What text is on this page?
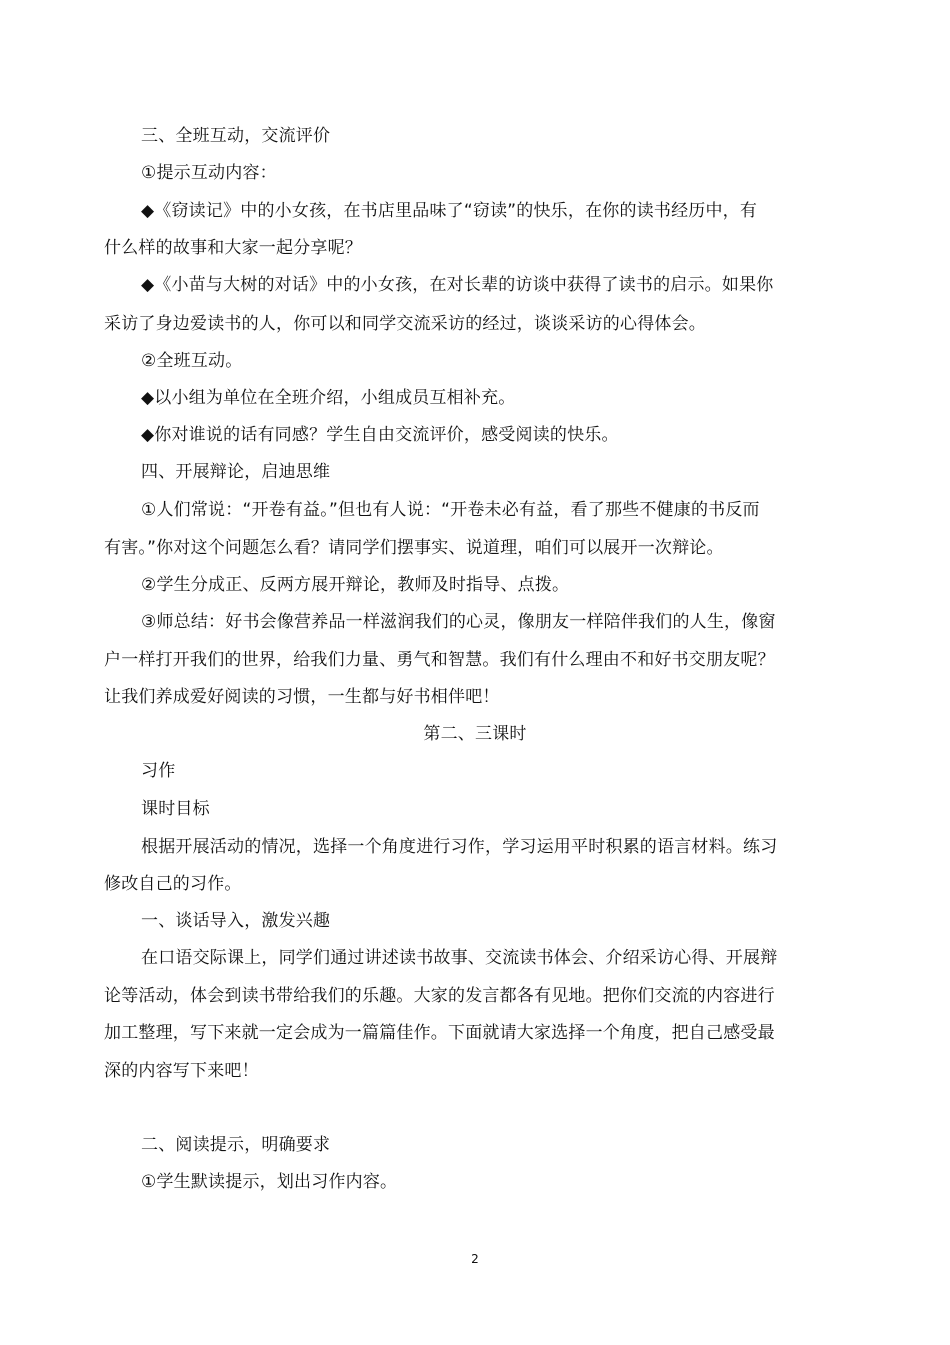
三、全班互动，交流评价
①提示互动内容：
◆《窃读记》中的小女孩，在书店里品味了“窃读”的快乐，在你的读书经历中，有
什么样的故事和大家一起分享呢？
◆《小苗与大树的对话》中的小女孩，在对长辈的访谈中获得了读书的启示。如果你
采访了身边爱读书的人，你可以和同学交流采访的经过，谈谈采访的心得体会。
②全班互动。
◆以小组为单位在全班介绍，小组成员互相补充。
◆你对谁说的话有同感？学生自由交流评价，感受阅读的快乐。
四、开展辩论，启迪思维
①人们常说：“开卷有益。”但也有人说：“开卷未必有益，看了那些不健康的书反而
有害。”你对这个问题怎么看？请同学们摆事实、说道理，咱们可以展开一次辩论。
②学生分成正、反两方展开辩论，教师及时指导、点拨。
③师总结：好书会像营养品一样滋润我们的心灵，像朋友一样陪伴我们的人生，像窗
户一样打开我们的世界，给我们力量、勇气和智慧。我们有什么理由不和好书交朋友呢？
让我们养成爱好阅读的习惯，一生都与好书相伴吧！
第二、三课时
习作
课时目标
根据开展活动的情况，选择一个角度进行习作，学习运用平时积累的语言材料。练习
修改自己的习作。
一、谈话导入，激发兴趣
在口语交际课上，同学们通过讲述读书故事、交流读书体会、介绍采访心得、开展辩
论等活动，体会到读书带给我们的乐趣。大家的发言都各有见地。把你们交流的内容进行
加工整理，写下来就一定会成为一篇篇佳作。下面就请大家选择一个角度，把自己感受最
深的内容写下来吧！
二、阅读提示，明确要求
①学生默读提示，划出习作内容。
2
